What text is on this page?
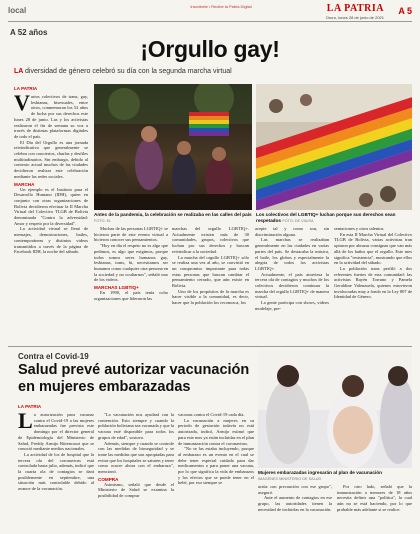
local	Inscríbete / Recibe la Patria Digital	LA PATRIA
Oruro, lunes 28 de junio de 2021
A 5
A 52 años
¡Orgullo gay!
LA diversidad de género celebró su día con la segunda marcha virtual
LA PATRIA

Varios colectivos de trans, gay, lesbianas, bisexuales, entre otros, conmemoran los 52 años de lucha por sus derechos este lunes 28 de junio. Las y los activistas realizaron el fin de semana su voz a través de distintas plataformas digitales de todo el país.

El Día del Orgullo es una jornada reivindicativa que generalmente se celebra con conciertos, charlas y desfiles multitudinarios. Sin embargo, debido al contexto actual muchos de las ciudades decidieron realizar este celebración mediante las redes sociales.

MARCHA

Un ejemplo es el Instituto para el Desarrollo Humano (IDH), quien en conjunto con otras organizaciones de Bolivia decidieron efectuar la II Marcha Virtual del Colectivo TLGB de Bolivia denominada "Contra la adversidad: Amor y respeto por la diversidad".

La actividad virtual se llenó de mensajes, demostraciones, bailes, contemporáneas y distintos videos transmitidos a través de la página de Facebook IDH, la noche del sábado.

Antes de la pandemia, la celebración se realizaba en las calles del país FOTO: EL
Los colectivos del LGBTIQ+ luchan porque sus derechos sean respetados FOTO: DE VIA/SA

Muchas de las personas LGBTIQ+ se hicieron parte de este evento virtual a hicieron conocer sus pensamientos.

"Hoy en día el respeto no es algo que pedimos, es algo que exigimos, porque todos somos seres humanos gay, lesbianas, trans, bi, necesitamos ser humanos como cualquier otra persona en la sociedad y no ocultarnos", señaló uno de los videos.

MARCHAS LGBTIQ+

En 1990, el país tenía ocho organizaciones que lideraron las

marchas del orgullo LGBTIQ+. Actualmente existen más de 30 comunidades, grupos, colectivos que luchan por sus derechos y buscan reivindicar a la sociedad.

La marcha del orgullo LGBTIQ+ sólo se realiza una vez al año, se convirtió en un compromiso importante para todas estas personas que buscan cambiar el pensamiento cerrado, que aún existe en Bolivia.

Uno de los propósitos de la marcha es hacer visible a la comunidad, es decir, hacer que la población los reconozca, los

acepte tal y como son, sin discriminación alguna.

Las marchas se realizaban generalmente en las ciudades en varias partes del país. Se destacaba la música, el baile, los globos y especialmente la alegría de todos los activistas LGBTIQ+.

Actualmente, el país atraviesa la tercera ola de contagios y muchos de los colectivos decidieron continuar la marcha del orgullo LGBTIQ+ de manera virtual.

La gente participa con shows, videos modelaje, pre-

sentaciones y otros talentos.

En esta II Marcha Virtual del Colectivo TLGB de Bolivia, varias activistas tran optaron por abrazar consignas que van más allá de los baños que el orgullo. Este mes significa "resistencia", mostrando que ellos en la actividad del sábado.

La población trans perfiló a dos referentes fuertes de esta comunidad: las activistas Rayén Torrano y Pamela Geraldine Valenzuela, quienes estuvieron involucradas muy a fondo en la Ley 807 de Identidad de Género.

Contra el Covid-19
Salud prevé autorizar vacunación en mujeres embarazadas
LA PATRIA

La autorización para vacunar contra el Covid-19 a las mujeres embarazadas fue prevista este domingo por el director general de Epidemiología del Ministerio de Salud, Freddy Armijo Bittencourt que se conoció mediante medios nacionales.

La actividad de los de hospital que la tercera ola del coronavirus está controlada hasta julio, además, indicó que la cuarta ola de contagios se dará posiblemente en septiembre, una situación más controlable debido al avance de la vacunación.

"La vacunación nos ayudará con la contención. Esto siempre y cuando la población boliviana sea vacunada y que la vacuna esté disponible para todos los grupos de edad", sostuvo.

Además, siempre y cuando se controle con las medidas de bioseguridad y se tome las medidas que son apropiadas para evitar que los hospitales se saturen y tener como ocurre ahora con el embarazo", mencionó.

COMPRA

Asimismo, señaló que desde el Ministerio de Salud se examina la posibilidad de comprar

vacunas contra el Covid-19 cada día.

La vacunación a mujeres en su periodo de gestación todavía no está autorizada, indicó, Armijo estimó que para este mes ya están incluidas en el plan de inmunización contra el coronavirus.

"No se las estaba incluyendo, porque al embarazo es un evento en el cual se debe tener especial cuidado para dar medicamentos o para poner una vacuna, por lo que significa la vida de embarazos y los efectos que se puede tener en el bebé, por eso siempre se

Mujeres embarazadas ingresarán al plan de vacunación
IMAGENES MINISTERIO DE SALUD

actúa con precaución con ese grupo", aseguró.

Ante el aumento de contagios en ese grupo, las autoridades tienen la necesidad de incluirlas en la vacunación.

Por otro lado, señaló que la inmunización a menores de 18 años necesita definir una "política", la cual aún no se está haciendo, por lo que probable más adelante si se realice.
